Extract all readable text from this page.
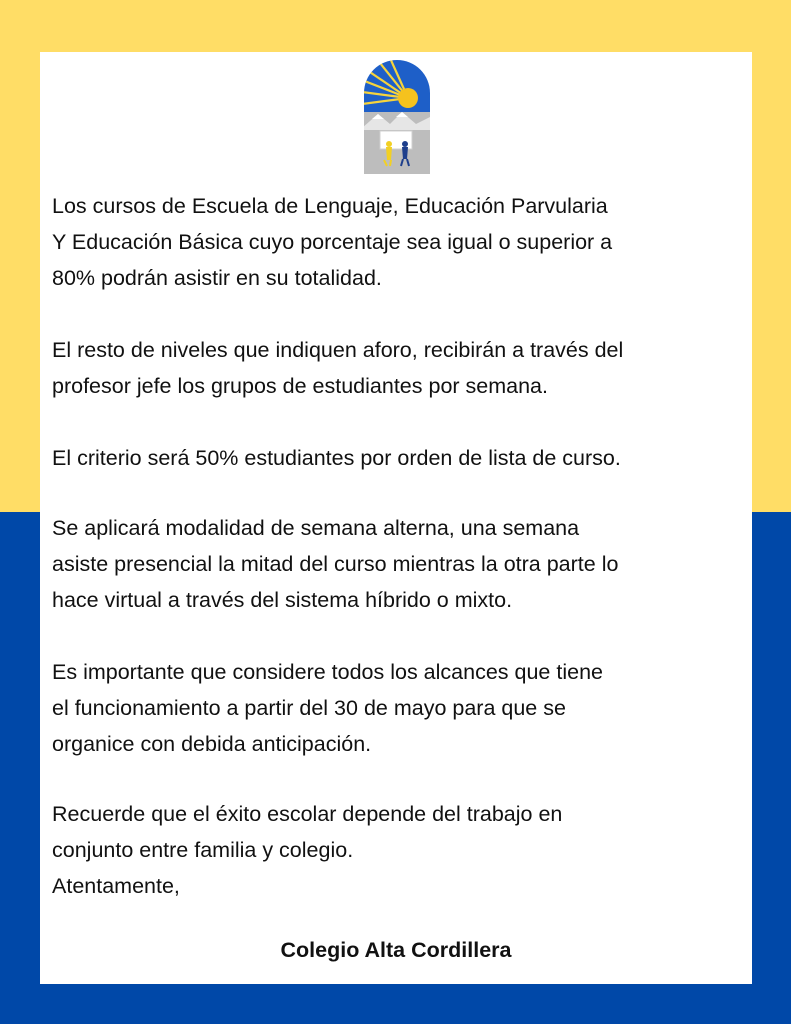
Los cursos de Escuela de Lenguaje, Educación Parvularia
Y Educación Básica cuyo porcentaje sea igual o superior a
80% podrán asistir en su totalidad.

El resto de niveles que indiquen aforo, recibirán a través del
profesor jefe los grupos de estudiantes por semana.

El criterio será 50% estudiantes por orden de lista de curso.

Se aplicará modalidad de semana alterna, una semana
asiste presencial la mitad del curso mientras la otra parte lo
hace virtual a través del sistema híbrido o mixto.

Es importante que considere todos los alcances que tiene
el funcionamiento a partir del 30 de mayo para que se
organice con debida anticipación.

Recuerde que el éxito escolar depende del trabajo en
conjunto entre familia y colegio.
Atentamente,

Colegio Alta Cordillera
